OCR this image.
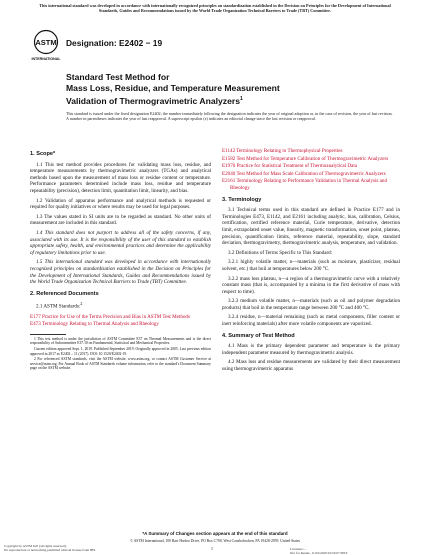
This international standard was developed in accordance with internationally recognized principles on standardization established in the Decision on Principles for the Development of International Standards, Guides and Recommendations issued by the World Trade Organization Technical Barriers to Trade (TBT) Committee.
ASTM
INTERNATIONAL
Designation: E2402 − 19
Standard Test Method for
Mass Loss, Residue, and Temperature Measurement
Validation of Thermogravimetric Analyzers$^1$
This standard is issued under the fixed designation E2402; the number immediately following the designation indicates the year of original adoption or, in the case of revision, the year of last revision. A number in parentheses indicates the year of last reapproval. A superscript epsilon (ε) indicates an editorial change since the last revision or reapproval.
1. Scope*
1.1 This test method provides procedures for validating mass loss, residue, and temperature measurements by thermogravimetric analyzers (TGAs) and analytical methods based upon the measurement of mass loss or residue content or temperature. Performance parameters determined include mass loss, residue and temperature repeatability (precision), detection limit, quantitation limit, linearity, and bias.
1.2 Validation of apparatus performance and analytical methods is requested or required for quality initiatives or where results may be used for legal purposes.
1.3 The values stated in SI units are to be regarded as standard. No other units of measurement are included in this standard.
1.4 This standard does not purport to address all of the safety concerns, if any, associated with its use. It is the responsibility of the user of this standard to establish appropriate safety, health, and environmental practices and determine the applicability of regulatory limitations prior to use.
1.5 This international standard was developed in accordance with internationally recognized principles on standardization established in the Decision on Principles for the Development of International Standards, Guides and Recommendations issued by the World Trade Organization Technical Barriers to Trade (TBT) Committee.
2. Referenced Documents
2.1 ASTM Standards:$^2$
E177 Practice for Use of the Terms Precision and Bias in ASTM Test Methods
E473 Terminology Relating to Thermal Analysis and Rheology
1 This test method is under the jurisdiction of ASTM Committee E37 on Thermal Measurements and is the direct responsibility of Subcommittee E37.10 on Fundamental, Statistical and Mechanical Properties.
Current edition approved Sept. 1, 2019. Published September 2019. Originally approved in 2005. Last previous edition approved in 2017 as E2402 – 11 (2017). DOI: 10.1520/E2402-19.
2 For referenced ASTM standards, visit the ASTM website, www.astm.org, or contact ASTM Customer Service at service@astm.org. For Annual Book of ASTM Standards volume information, refer to the standard's Document Summary page on the ASTM website.
E1142 Terminology Relating to Thermophysical Properties
E1582 Test Method for Temperature Calibration of Thermogravimetric Analyzers
E1970 Practice for Statistical Treatment of Thermoanalytical Data
E2040 Test Method for Mass Scale Calibration of Thermogravimetric Analyzers
E2161 Terminology Relating to Performance Validation in Thermal Analysis and Rheology
3. Terminology
3.1 Technical terms used in this standard are defined in Practice E177 and in Terminologies E473, E1142, and E2161 including analytic, bias, calibration, Celsius, certification, certified reference material, Curie temperature, derivative, detection limit, extrapolated onset value, linearity, magnetic transformation, onset point, plateau, precision, quantification limits, reference material, repeatability, slope, standard deviation, thermogravimetry, thermogravimetric analysis, temperature, and validation.
3.2 Definitions of Terms Specific to This Standard:
3.2.1 highly volatile matter, n—materials (such as moisture, plasticizer, residual solvent, etc.) that boil at temperatures below 200 °C.
3.2.2 mass loss plateau, n—a region of a thermogravimetric curve with a relatively constant mass (that is, accompanied by a minima in the first derivative of mass with respect to time).
3.2.3 medium volatile matter, n—materials (such as oil and polymer degradation products) that boil in the temperature range between 200 °C and 400 °C.
3.2.4 residue, n—material remaining (such as metal components, filler content or inert reinforcing materials) after more volatile components are vaporized.
4. Summary of Test Method
4.1 Mass is the primary dependent parameter and temperature is the primary independent parameter measured by thermogravimetric analysis.
4.2 Mass loss and residue measurements are validated by their direct measurement using thermogravimetric apparatus
*A Summary of Changes section appears at the end of this standard
© ASTM International, 100 Barr Harbor Drive, PO Box C700, West Conshohocken, PA 19428-2959. United States
Copyright by ASTM Int'l (all rights reserved);
No reproduction or networking permitted without license from IHS	1	Licensee=...
Not for Resale, 11/04/2020 02:19:07 MST
